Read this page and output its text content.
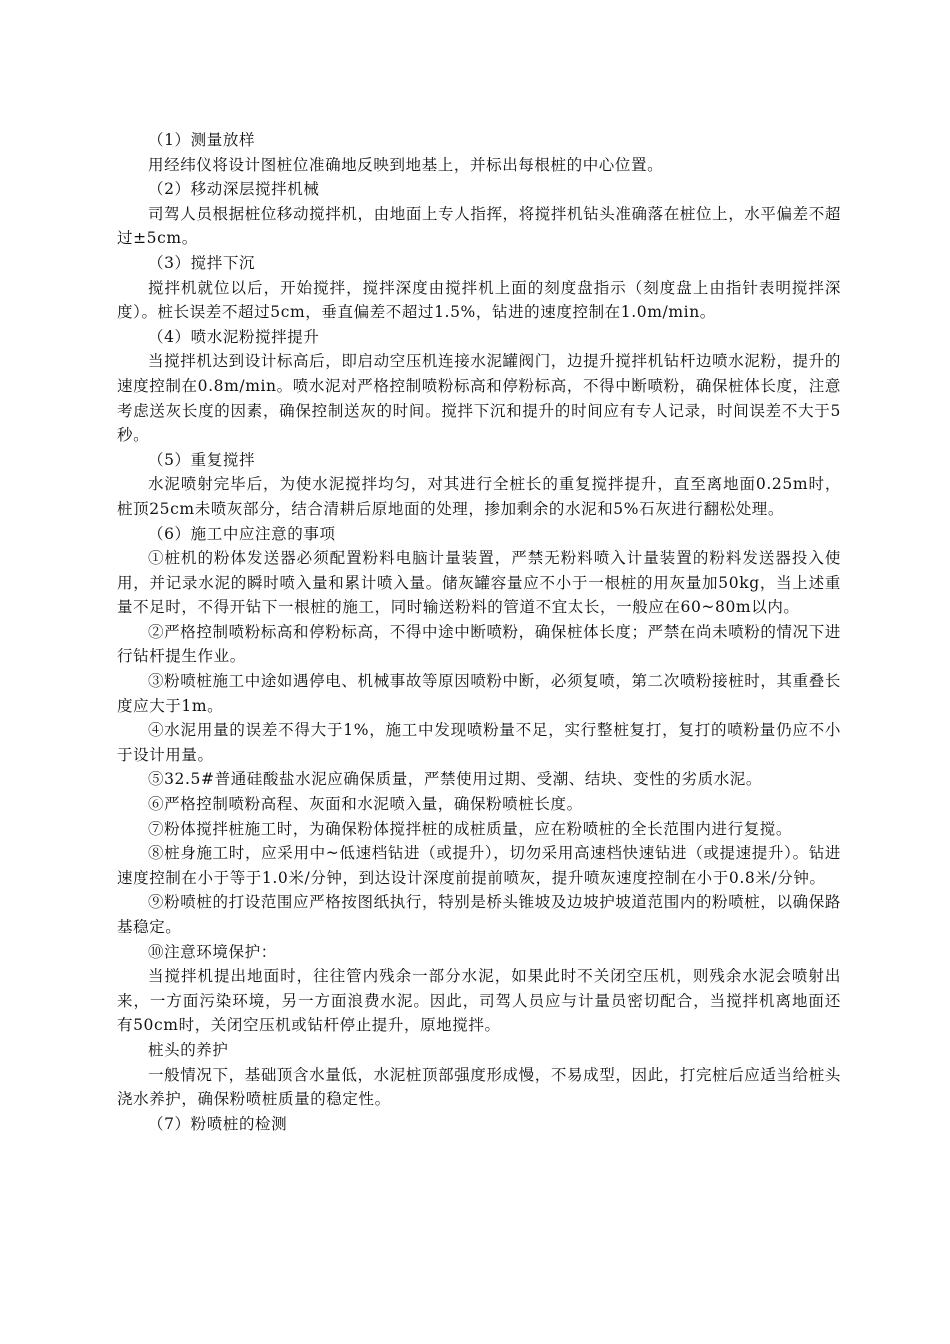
（1）测量放样

用经纬仪将设计图桩位准确地反映到地基上，并标出每根桩的中心位置。

（2）移动深层搅拌机械

司驾人员根据桩位移动搅拌机，由地面上专人指挥，将搅拌机钻头准确落在桩位上，水平偏差不超过±5cm。

（3）搅拌下沉

搅拌机就位以后，开始搅拌，搅拌深度由搅拌机上面的刻度盘指示（刻度盘上由指针表明搅拌深度）。桩长误差不超过5cm，垂直偏差不超过1.5%，钻进的速度控制在1.0m/min。

（4）喷水泥粉搅拌提升

当搅拌机达到设计标高后，即启动空压机连接水泥罐阀门，边提升搅拌机钻杆边喷水泥粉，提升的速度控制在0.8m/min。喷水泥对严格控制喷粉标高和停粉标高，不得中断喷粉，确保桩体长度，注意考虑送灰长度的因素，确保控制送灰的时间。搅拌下沉和提升的时间应有专人记录，时间误差不大于5秒。

（5）重复搅拌

水泥喷射完毕后，为使水泥搅拌均匀，对其进行全桩长的重复搅拌提升，直至离地面0.25m时，桩顶25cm未喷灰部分，结合清耕后原地面的处理，掺加剩余的水泥和5%石灰进行翻松处理。

（6）施工中应注意的事项

①桩机的粉体发送器必须配置粉料电脑计量装置，严禁无粉料喷入计量装置的粉料发送器投入使用，并记录水泥的瞬时喷入量和累计喷入量。储灰罐容量应不小于一根桩的用灰量加50kg，当上述重量不足时，不得开钻下一根桩的施工，同时输送粉料的管道不宜太长，一般应在60~80m以内。

②严格控制喷粉标高和停粉标高，不得中途中断喷粉，确保桩体长度；严禁在尚未喷粉的情况下进行钻杆提生作业。

③粉喷桩施工中途如遇停电、机械事故等原因喷粉中断，必须复喷，第二次喷粉接桩时，其重叠长度应大于1m。

④水泥用量的误差不得大于1%，施工中发现喷粉量不足，实行整桩复打，复打的喷粉量仍应不小于设计用量。

⑤32.5#普通硅酸盐水泥应确保质量，严禁使用过期、受潮、结块、变性的劣质水泥。

⑥严格控制喷粉高程、灰面和水泥喷入量，确保粉喷桩长度。

⑦粉体搅拌桩施工时，为确保粉体搅拌桩的成桩质量，应在粉喷桩的全长范围内进行复搅。

⑧桩身施工时，应采用中~低速档钻进（或提升），切勿采用高速档快速钻进（或提速提升）。钻进速度控制在小于等于1.0米/分钟，到达设计深度前提前喷灰，提升喷灰速度控制在小于0.8米/分钟。

⑨粉喷桩的打设范围应严格按图纸执行，特别是桥头锥坡及边坡护坡道范围内的粉喷桩，以确保路基稳定。

⑩注意环境保护：

当搅拌机提出地面时，往往管内残余一部分水泥，如果此时不关闭空压机，则残余水泥会喷射出来，一方面污染环境，另一方面浪费水泥。因此，司驾人员应与计量员密切配合，当搅拌机离地面还有50cm时，关闭空压机或钻杆停止提升，原地搅拌。

桩头的养护

一般情况下，基础顶含水量低，水泥桩顶部强度形成慢，不易成型，因此，打完桩后应适当给桩头浇水养护，确保粉喷桩质量的稳定性。

（7）粉喷桩的检测
